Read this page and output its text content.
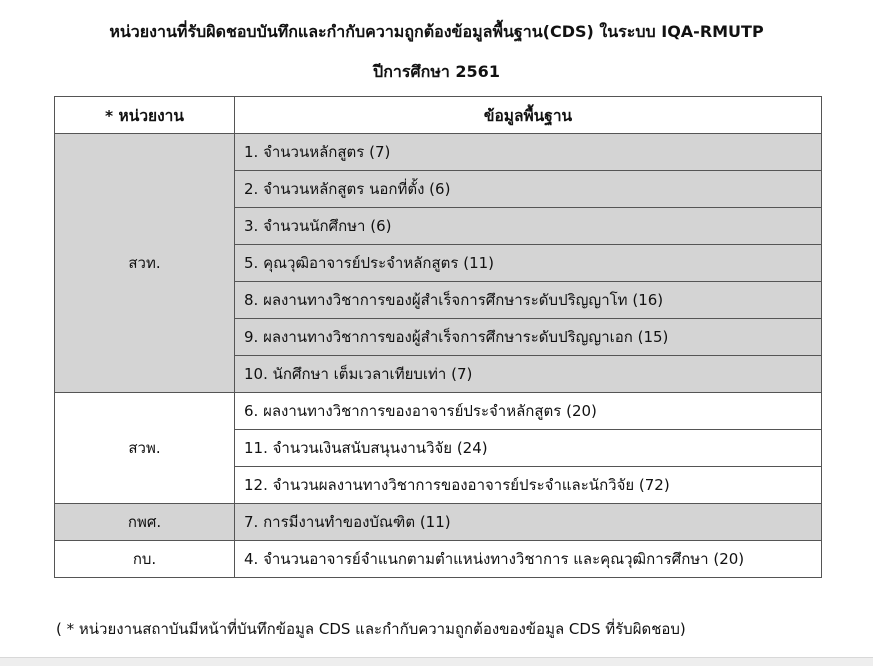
หน่วยงานที่รับผิดชอบบันทึกและกำกับความถูกต้องข้อมูลพื้นฐาน(CDS) ในระบบ IQA-RMUTP
ปีการศึกษา 2561
* หน่วยงาน	ข้อมูลพื้นฐาน
สวท.	1. จำนวนหลักสูตร (7)
	2. จำนวนหลักสูตร นอกที่ตั้ง (6)
	3. จำนวนนักศึกษา (6)
	5. คุณวุฒิอาจารย์ประจำหลักสูตร (11)
	8. ผลงานทางวิชาการของผู้สำเร็จการศึกษาระดับปริญญาโท (16)
	9. ผลงานทางวิชาการของผู้สำเร็จการศึกษาระดับปริญญาเอก (15)
	10. นักศึกษา เต็มเวลาเทียบเท่า (7)
สวพ.	6. ผลงานทางวิชาการของอาจารย์ประจำหลักสูตร (20)
	11. จำนวนเงินสนับสนุนงานวิจัย (24)
	12. จำนวนผลงานทางวิชาการของอาจารย์ประจำและนักวิจัย (72)
กพศ.	7. การมีงานทำของบัณฑิต (11)
กบ.	4. จำนวนอาจารย์จำแนกตามตำแหน่งทางวิชาการ และคุณวุฒิการศึกษา (20)
( * หน่วยงานสถาบันมีหน้าที่บันทึกข้อมูล CDS และกำกับความถูกต้องของข้อมูล CDS ที่รับผิดชอบ)
